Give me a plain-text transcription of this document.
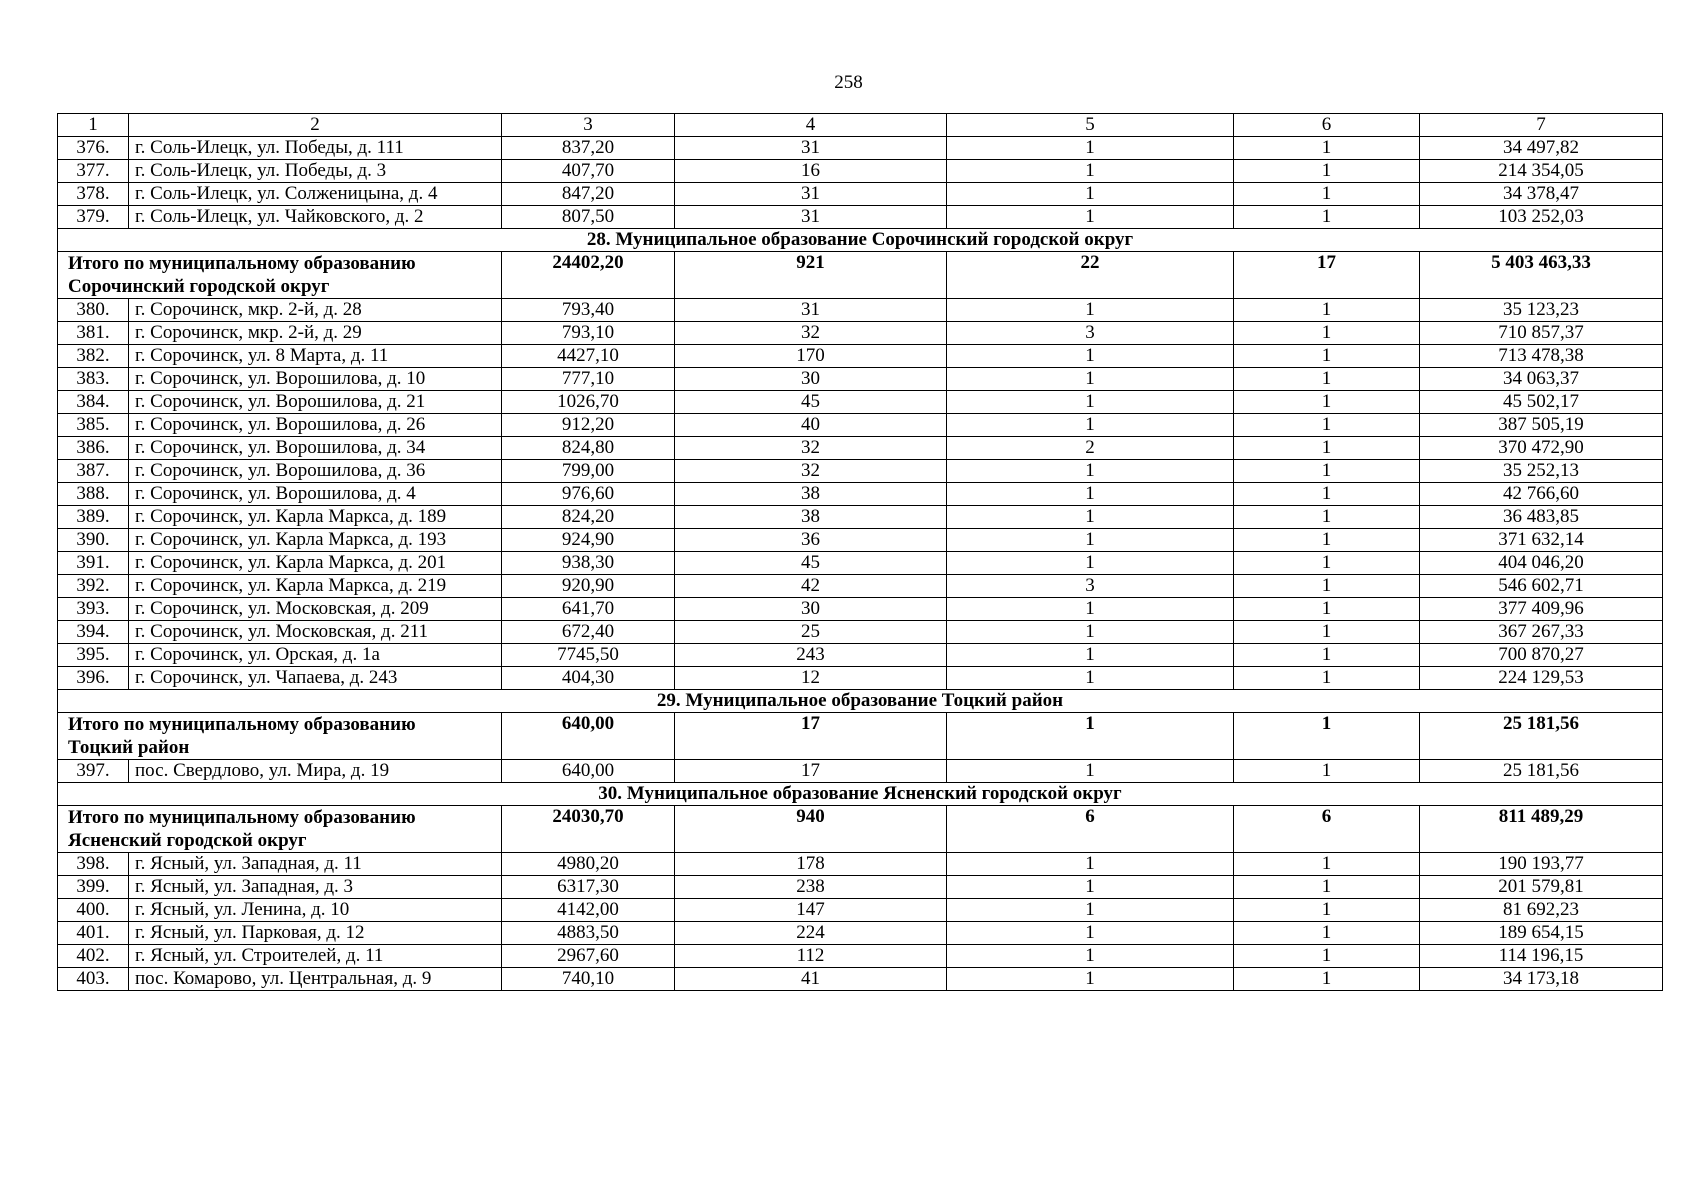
258
1	2	3	4	5	6	7
376.	г. Соль-Илецк, ул. Победы, д. 111	837,20	31	1	1	34 497,82
377.	г. Соль-Илецк, ул. Победы, д. 3	407,70	16	1	1	214 354,05
378.	г. Соль-Илецк, ул. Солженицына, д. 4	847,20	31	1	1	34 378,47
379.	г. Соль-Илецк, ул. Чайковского, д. 2	807,50	31	1	1	103 252,03
28. Муниципальное образование Сорочинский городской округ						

Итого по муниципальному образованию
Сорочинский городской округ		24402,20	921	22	17	5 403 463,33
380.	г. Сорочинск, мкр. 2-й, д. 28	793,40	31	1	1	35 123,23
381.	г. Сорочинск, мкр. 2-й, д. 29	793,10	32	3	1	710 857,37
382.	г. Сорочинск, ул. 8 Марта, д. 11	4427,10	170	1	1	713 478,38
383.	г. Сорочинск, ул. Ворошилова, д. 10	777,10	30	1	1	34 063,37
384.	г. Сорочинск, ул. Ворошилова, д. 21	1026,70	45	1	1	45 502,17
385.	г. Сорочинск, ул. Ворошилова, д. 26	912,20	40	1	1	387 505,19
386.	г. Сорочинск, ул. Ворошилова, д. 34	824,80	32	2	1	370 472,90
387.	г. Сорочинск, ул. Ворошилова, д. 36	799,00	32	1	1	35 252,13
388.	г. Сорочинск, ул. Ворошилова, д. 4	976,60	38	1	1	42 766,60
389.	г. Сорочинск, ул. Карла Маркса, д. 189	824,20	38	1	1	36 483,85
390.	г. Сорочинск, ул. Карла Маркса, д. 193	924,90	36	1	1	371 632,14
391.	г. Сорочинск, ул. Карла Маркса, д. 201	938,30	45	1	1	404 046,20
392.	г. Сорочинск, ул. Карла Маркса, д. 219	920,90	42	3	1	546 602,71
393.	г. Сорочинск, ул. Московская, д. 209	641,70	30	1	1	377 409,96
394.	г. Сорочинск, ул. Московская, д. 211	672,40	25	1	1	367 267,33
395.	г. Сорочинск, ул. Орская, д. 1а	7745,50	243	1	1	700 870,27
396.	г. Сорочинск, ул. Чапаева, д. 243	404,30	12	1	1	224 129,53
29. Муниципальное образование Тоцкий район						

Итого по муниципальному образованию
Тоцкий район		640,00	17	1	1	25 181,56
397.	пос. Свердлово, ул. Мира, д. 19	640,00	17	1	1	25 181,56
30. Муниципальное образование Ясненский городской округ						

Итого по муниципальному образованию
Ясненский городской округ		24030,70	940	6	6	811 489,29
398.	г. Ясный, ул. Западная, д. 11	4980,20	178	1	1	190 193,77
399.	г. Ясный, ул. Западная, д. 3	6317,30	238	1	1	201 579,81
400.	г. Ясный, ул. Ленина, д. 10	4142,00	147	1	1	81 692,23
401.	г. Ясный, ул. Парковая, д. 12	4883,50	224	1	1	189 654,15
402.	г. Ясный, ул. Строителей, д. 11	2967,60	112	1	1	114 196,15
403.	пос. Комарово, ул. Центральная, д. 9	740,10	41	1	1	34 173,18
